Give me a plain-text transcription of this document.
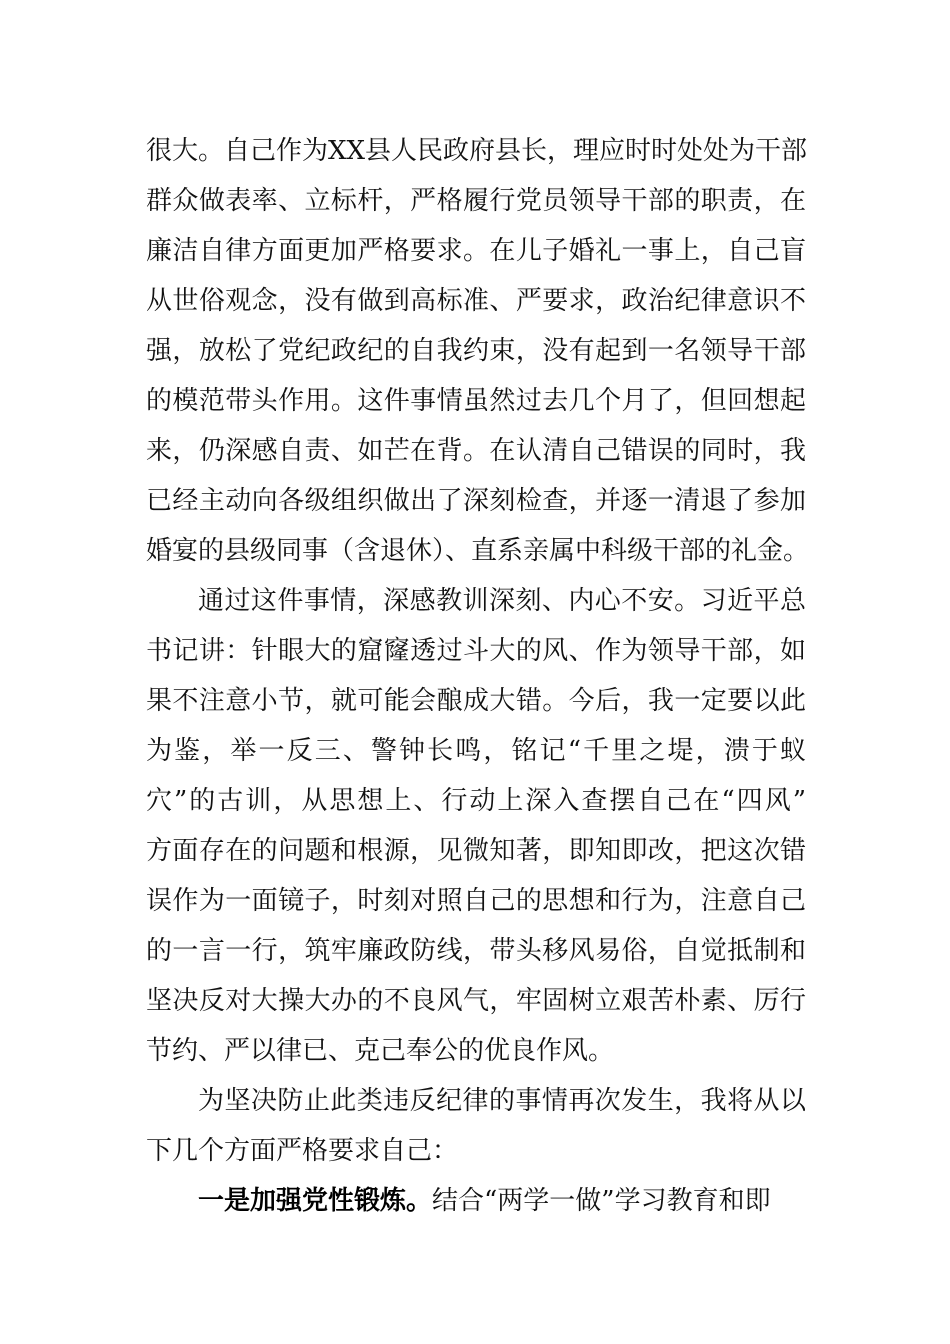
很大。自己作为XX县人民政府县长，理应时时处处为干部
群众做表率、立标杆，严格履行党员领导干部的职责，在
廉洁自律方面更加严格要求。在儿子婚礼一事上，自己盲
从世俗观念，没有做到高标准、严要求，政治纪律意识不
强，放松了党纪政纪的自我约束，没有起到一名领导干部
的模范带头作用。这件事情虽然过去几个月了，但回想起
来，仍深感自责、如芒在背。在认清自己错误的同时，我
已经主动向各级组织做出了深刻检查，并逐一清退了参加
婚宴的县级同事（含退休）、直系亲属中科级干部的礼金。
通过这件事情，深感教训深刻、内心不安。习近平总
书记讲：针眼大的窟窿透过斗大的风、作为领导干部，如
果不注意小节，就可能会酿成大错。今后，我一定要以此
为鉴，举一反三、警钟长鸣，铭记“千里之堤，溃于蚁
穴”的古训，从思想上、行动上深入查摆自己在“四风”
方面存在的问题和根源，见微知著，即知即改，把这次错
误作为一面镜子，时刻对照自己的思想和行为，注意自己
的一言一行，筑牢廉政防线，带头移风易俗，自觉抵制和
坚决反对大操大办的不良风气，牢固树立艰苦朴素、厉行
节约、严以律已、克己奉公的优良作风。
为坚决防止此类违反纪律的事情再次发生，我将从以
下几个方面严格要求自己：
一是加强党性锻炼。结合“两学一做”学习教育和即
